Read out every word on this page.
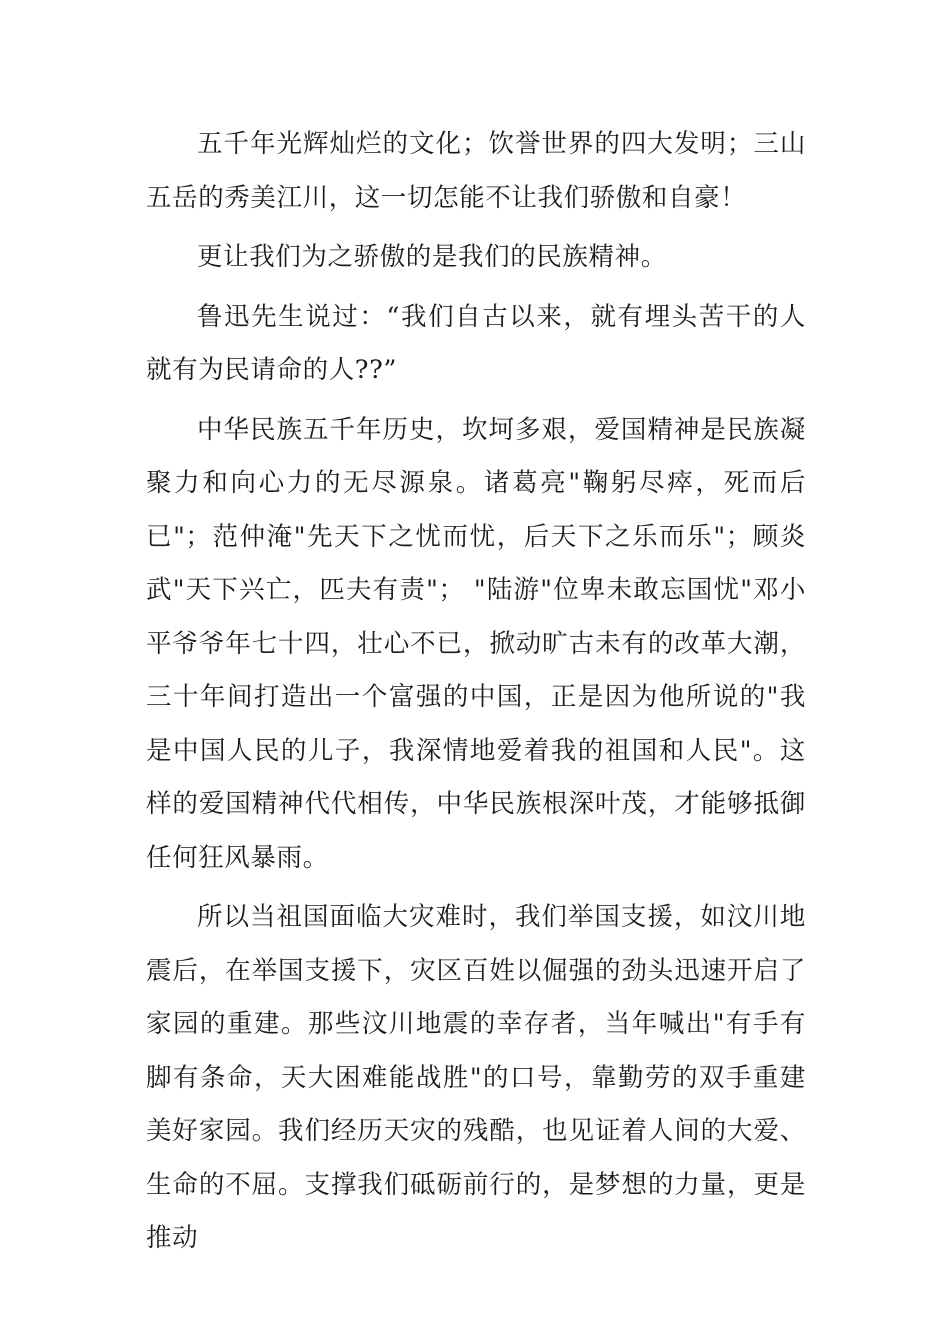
五千年光辉灿烂的文化；饮誉世界的四大发明；三山五岳的秀美江川，这一切怎能不让我们骄傲和自豪！

更让我们为之骄傲的是我们的民族精神。

鲁迅先生说过：“我们自古以来，就有埋头苦干的人就有为民请命的人??”

中华民族五千年历史，坎坷多艰，爱国精神是民族凝聚力和向心力的无尽源泉。诸葛亮"鞠躬尽瘁，死而后已"；范仲淹"先天下之忧而忧，后天下之乐而乐"；顾炎武"天下兴亡，匹夫有责"； "陆游"位卑未敢忘国忧"邓小平爷爷年七十四，壮心不已，掀动旷古未有的改革大潮，三十年间打造出一个富强的中国，正是因为他所说的"我是中国人民的儿子，我深情地爱着我的祖国和人民"。这样的爱国精神代代相传，中华民族根深叶茂，才能够抵御任何狂风暴雨。

所以当祖国面临大灾难时，我们举国支援，如汶川地震后，在举国支援下，灾区百姓以倔强的劲头迅速开启了家园的重建。那些汶川地震的幸存者，当年喊出"有手有脚有条命，天大困难能战胜"的口号，靠勤劳的双手重建美好家园。我们经历天灾的残酷，也见证着人间的大爱、生命的不屈。支撑我们砥砺前行的，是梦想的力量，更是推动
